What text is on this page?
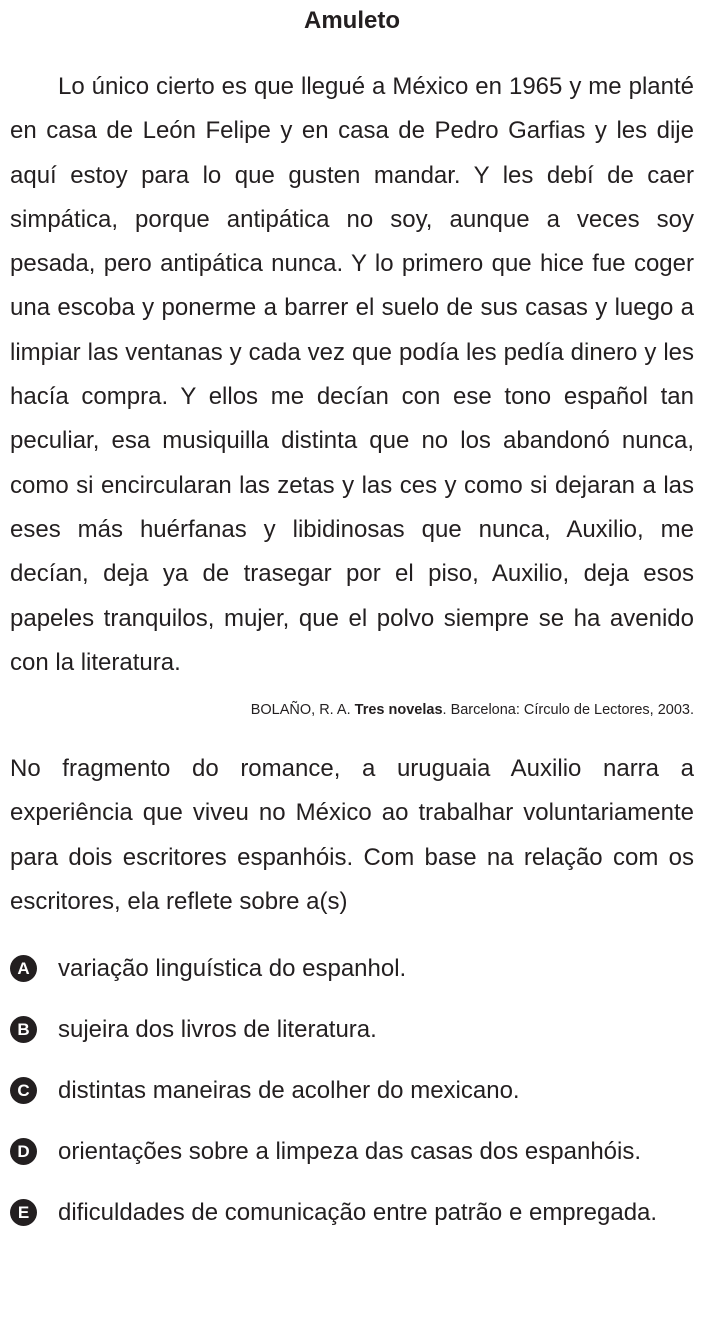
Amuleto
Lo único cierto es que llegué a México en 1965 y me planté en casa de León Felipe y en casa de Pedro Garfias y les dije aquí estoy para lo que gusten mandar. Y les debí de caer simpática, porque antipática no soy, aunque a veces soy pesada, pero antipática nunca. Y lo primero que hice fue coger una escoba y ponerme a barrer el suelo de sus casas y luego a limpiar las ventanas y cada vez que podía les pedía dinero y les hacía compra. Y ellos me decían con ese tono español tan peculiar, esa musiquilla distinta que no los abandonó nunca, como si encircularan las zetas y las ces y como si dejaran a las eses más huérfanas y libidinosas que nunca, Auxilio, me decían, deja ya de trasegar por el piso, Auxilio, deja esos papeles tranquilos, mujer, que el polvo siempre se ha avenido con la literatura.
BOLAÑO, R. A. Tres novelas. Barcelona: Círculo de Lectores, 2003.
No fragmento do romance, a uruguaia Auxilio narra a experiência que viveu no México ao trabalhar voluntariamente para dois escritores espanhóis. Com base na relação com os escritores, ela reflete sobre a(s)
A	variação linguística do espanhol.
B	sujeira dos livros de literatura.
C	distintas maneiras de acolher do mexicano.
D	orientações sobre a limpeza das casas dos espanhóis.
E	dificuldades de comunicação entre patrão e empregada.
